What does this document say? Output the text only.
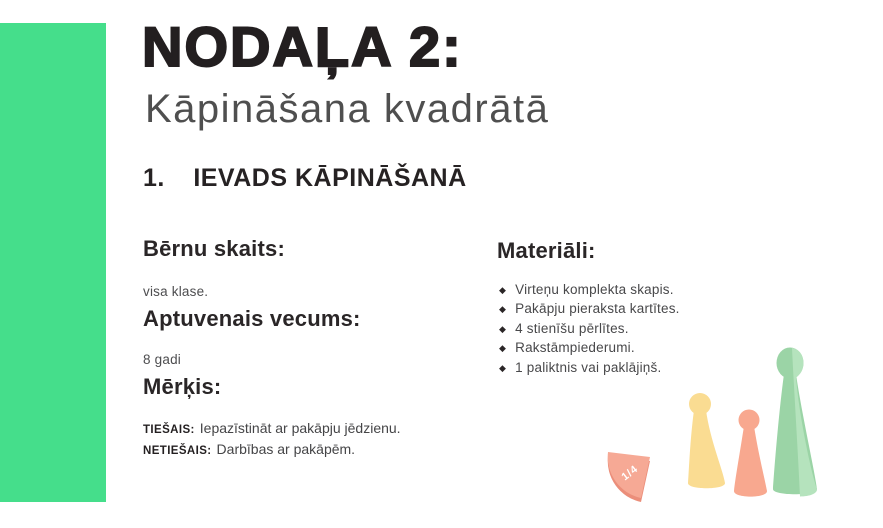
NODAĻA 2:
Kāpināšana kvadrātā
1. IEVADS KĀPINĀŠANĀ
Bērnu skaits:

visa klase.

Aptuvenais vecums:

8 gadi

Mērķis:
TIEŠAIS: Iepazīstināt ar pakāpju jēdzienu.
NETIEŠAIS: Darbības ar pakāpēm.
Materiāli:
◆ Virteņu komplekta skapis.
◆ Pakāpju pieraksta kartītes.
◆ 4 stienīšu pērlītes.
◆ Rakstāmpiederumi.
◆ 1 paliktnis vai paklājiņš.
1/4
